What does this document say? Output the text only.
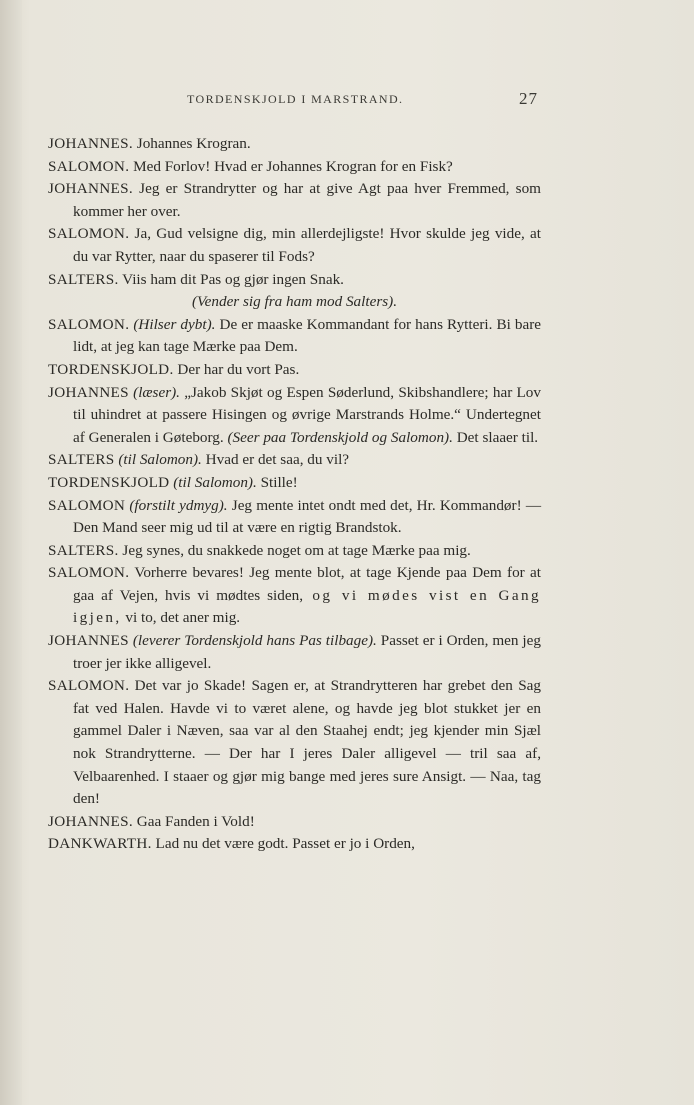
TORDENSKJOLD I MARSTRAND.	27

JOHANNES. Johannes Krogran.

SALOMON. Med Forlov! Hvad er Johannes Krogran for en Fisk?

JOHANNES. Jeg er Strandrytter og har at give Agt paa hver Fremmed, som kommer her over.

SALOMON. Ja, Gud velsigne dig, min allerdejligste! Hvor skulde jeg vide, at du var Rytter, naar du spaserer til Fods?

SALTERS. Viis ham dit Pas og gjør ingen Snak.

(Vender sig fra ham mod Salters).

SALOMON. (Hilser dybt). De er maaske Kommandant for hans Rytteri. Bi bare lidt, at jeg kan tage Mærke paa Dem.

TORDENSKJOLD. Der har du vort Pas.

JOHANNES (læser). „Jakob Skjøt og Espen Søderlund, Skibshandlere; har Lov til uhindret at passere Hisingen og øvrige Marstrands Holme.“ Undertegnet af Generalen i Gøteborg. (Seer paa Tordenskjold og Salomon). Det slaaer til.

SALTERS (til Salomon). Hvad er det saa, du vil?

TORDENSKJOLD (til Salomon). Stille!

SALOMON (forstilt ydmyg). Jeg mente intet ondt med det, Hr. Kommandør! — Den Mand seer mig ud til at være en rigtig Brandstok.

SALTERS. Jeg synes, du snakkede noget om at tage Mærke paa mig.

SALOMON. Vorherre bevares! Jeg mente blot, at tage Kjende paa Dem for at gaa af Vejen, hvis vi mødtes siden, og vi mødes vist en Gang igjen, vi to, det aner mig.

JOHANNES (leverer Tordenskjold hans Pas tilbage). Passet er i Orden, men jeg troer jer ikke alligevel.

SALOMON. Det var jo Skade! Sagen er, at Strandrytteren har grebet den Sag fat ved Halen. Havde vi to været alene, og havde jeg blot stukket jer en gammel Daler i Næven, saa var al den Staahej endt; jeg kjender min Sjæl nok Strandrytterne. — Der har I jeres Daler alligevel — tril saa af, Velbaarenhed. I staaer og gjør mig bange med jeres sure Ansigt. — Naa, tag den!

JOHANNES. Gaa Fanden i Vold!

DANKWARTH. Lad nu det være godt. Passet er jo i Orden,
